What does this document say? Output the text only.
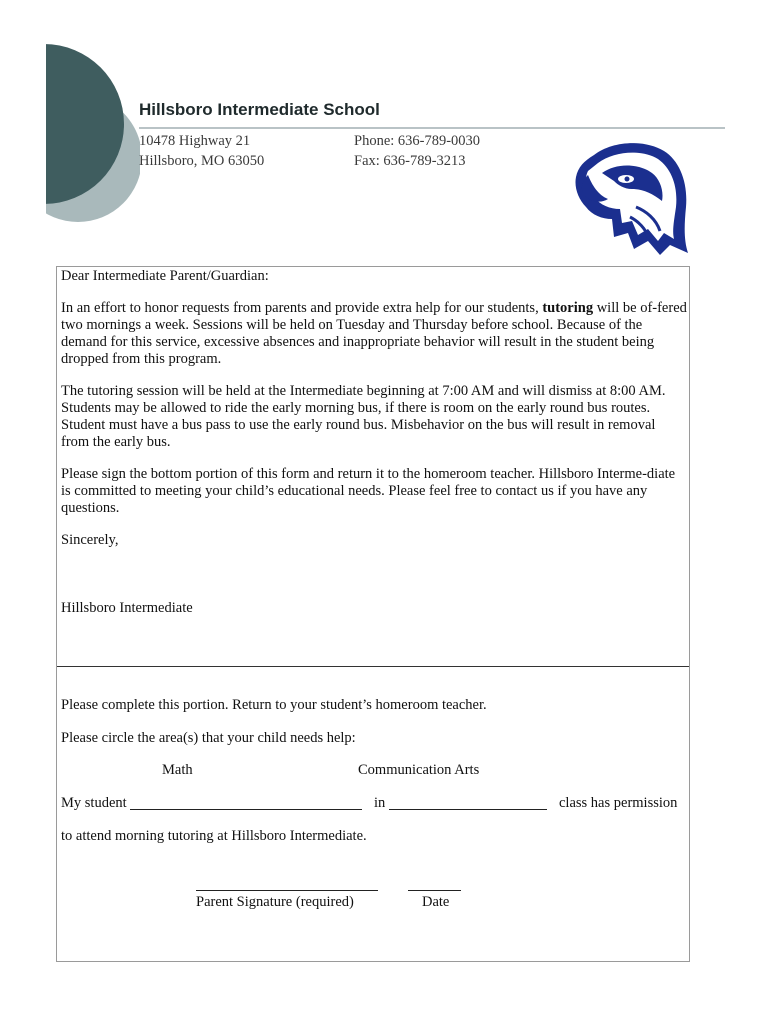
Hillsboro Intermediate School
10478 Highway 21
Hillsboro, MO 63050
Phone: 636-789-0030
Fax: 636-789-3213

Dear Intermediate Parent/Guardian:

In an effort to honor requests from parents and provide extra help for our students, tutoring will be of-fered two mornings a week. Sessions will be held on Tuesday and Thursday before school. Because of the demand for this service, excessive absences and inappropriate behavior will result in the student being dropped from this program.

The tutoring session will be held at the Intermediate beginning at 7:00 AM and will dismiss at 8:00 AM. Students may be allowed to ride the early morning bus, if there is room on the early round bus routes. Student must have a bus pass to use the early round bus. Misbehavior on the bus will result in removal from the early bus.

Please sign the bottom portion of this form and return it to the homeroom teacher. Hillsboro Interme-diate is committed to meeting your child’s educational needs. Please feel free to contact us if you have any questions.

Sincerely,

Hillsboro Intermediate
Please complete this portion. Return to your student’s homeroom teacher.
Please circle the area(s) that your child needs help:
Math	Communication Arts
My student	in	class has permission
to attend morning tutoring at Hillsboro Intermediate.
Parent Signature (required)	Date
